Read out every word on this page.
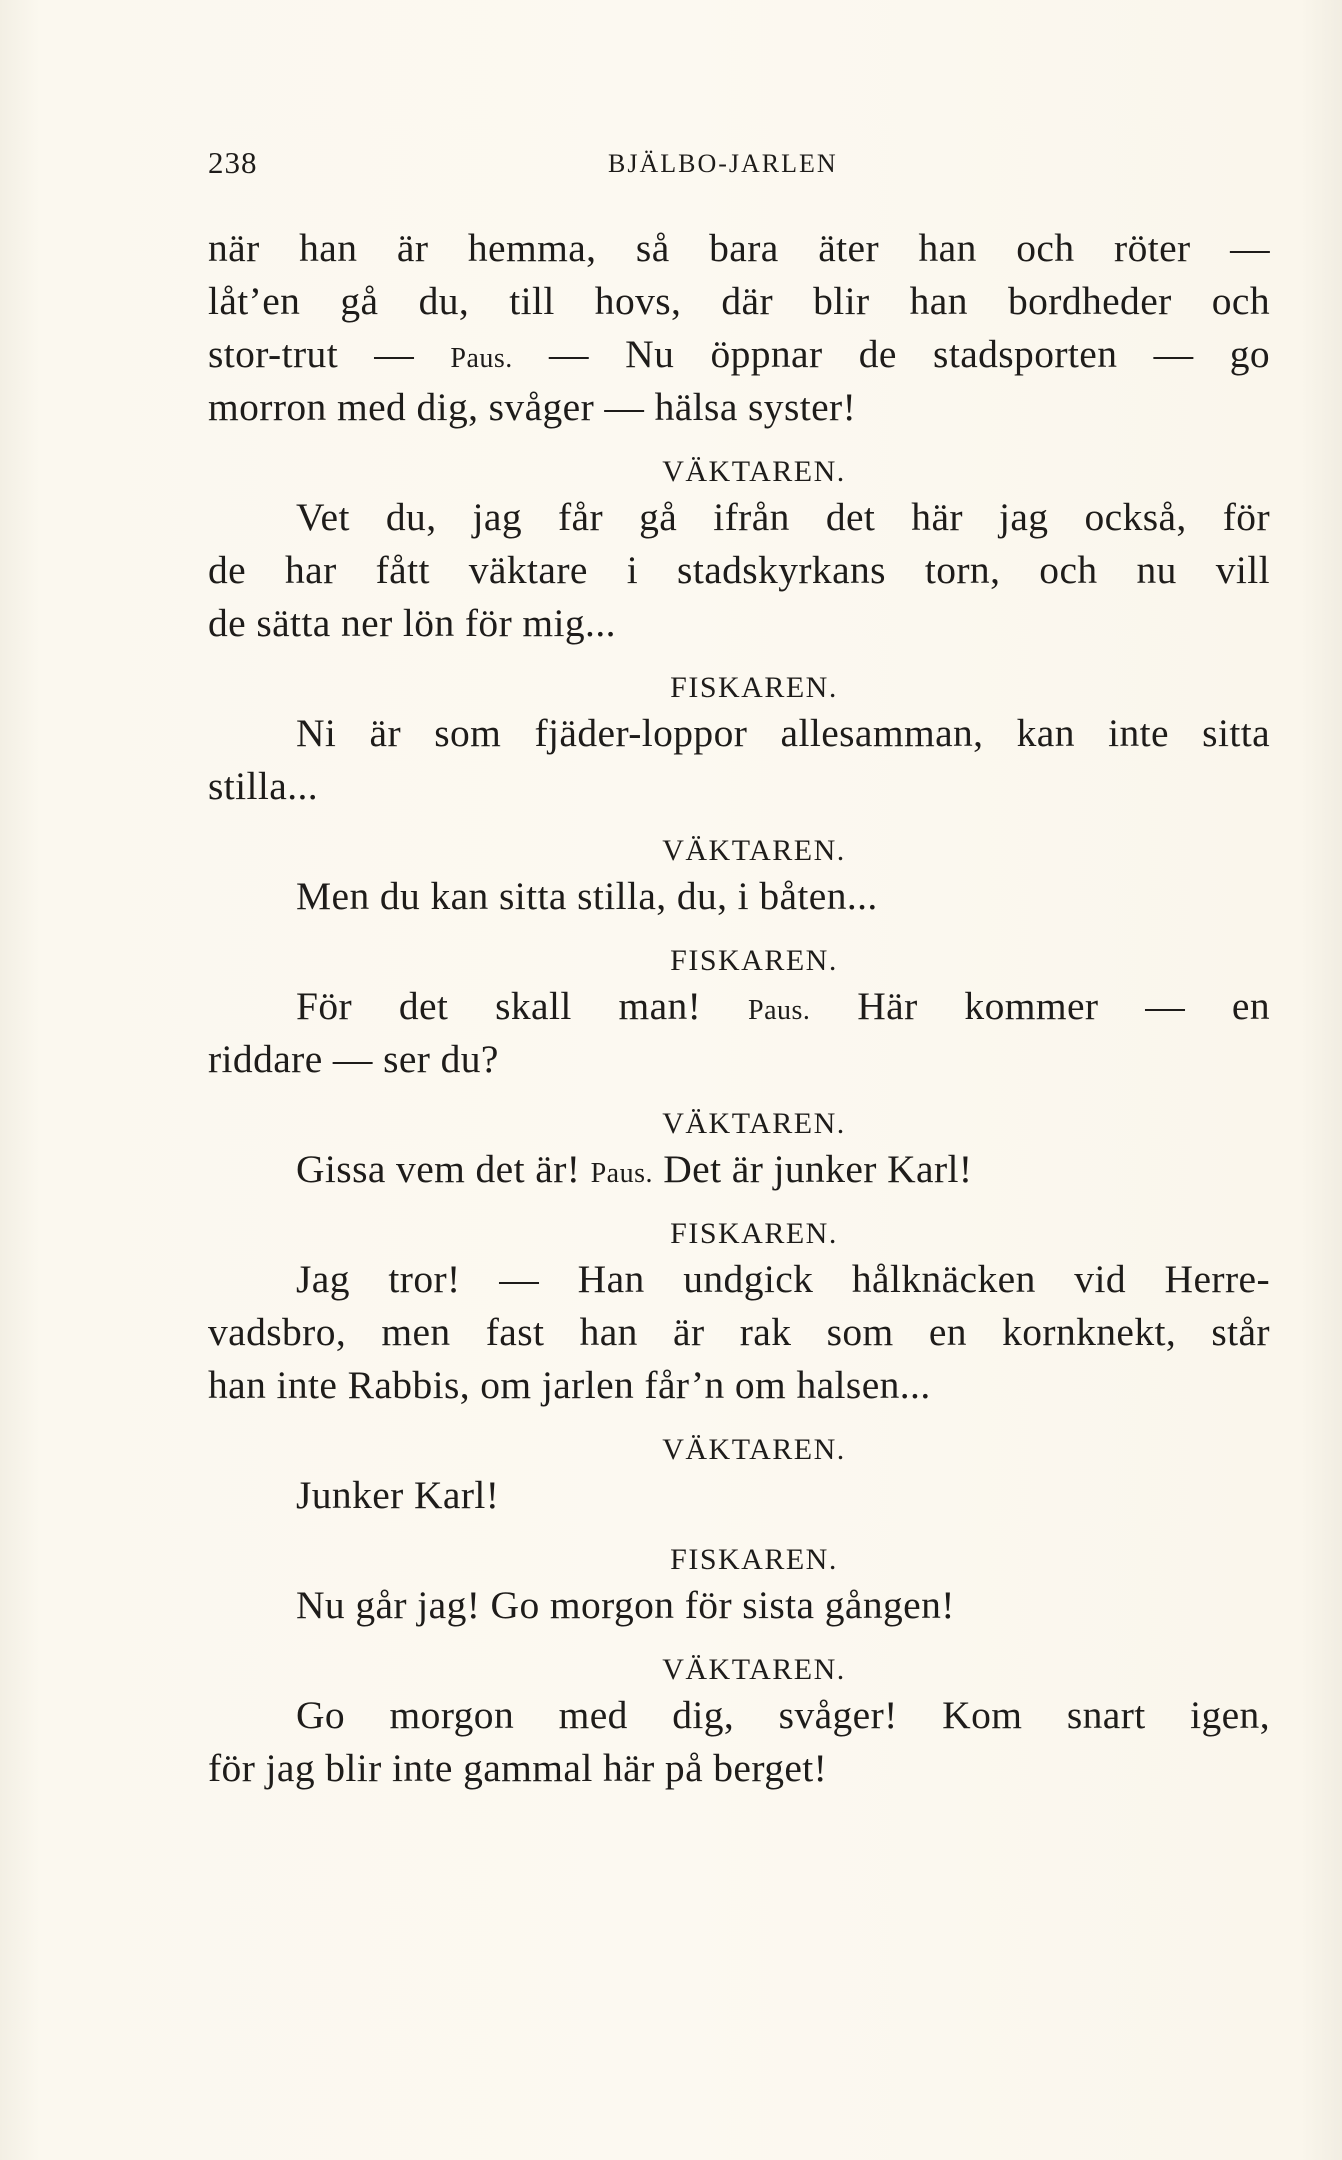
238	BJÄLBO-JARLEN
när han är hemma, så bara äter han och röter —
låt’en gå du, till hovs, där blir han bordheder och
stor-trut — Paus. — Nu öppnar de stadsporten — go
morron med dig, svåger — hälsa syster!
VÄKTAREN.
Vet du, jag får gå ifrån det här jag också, för
de har fått väktare i stadskyrkans torn, och nu vill
de sätta ner lön för mig...
FISKAREN.
Ni är som fjäder-loppor allesamman, kan inte sitta
stilla...
VÄKTAREN.
Men du kan sitta stilla, du, i båten...
FISKAREN.
För det skall man! Paus. Här kommer — en
riddare — ser du?
VÄKTAREN.
Gissa vem det är! Paus. Det är junker Karl!
FISKAREN.
Jag tror! — Han undgick hålknäcken vid Herre-
vadsbro, men fast han är rak som en kornknekt, står
han inte Rabbis, om jarlen får’n om halsen...
VÄKTAREN.
Junker Karl!
FISKAREN.
Nu går jag! Go morgon för sista gången!
VÄKTAREN.
Go morgon med dig, svåger! Kom snart igen,
för jag blir inte gammal här på berget!
